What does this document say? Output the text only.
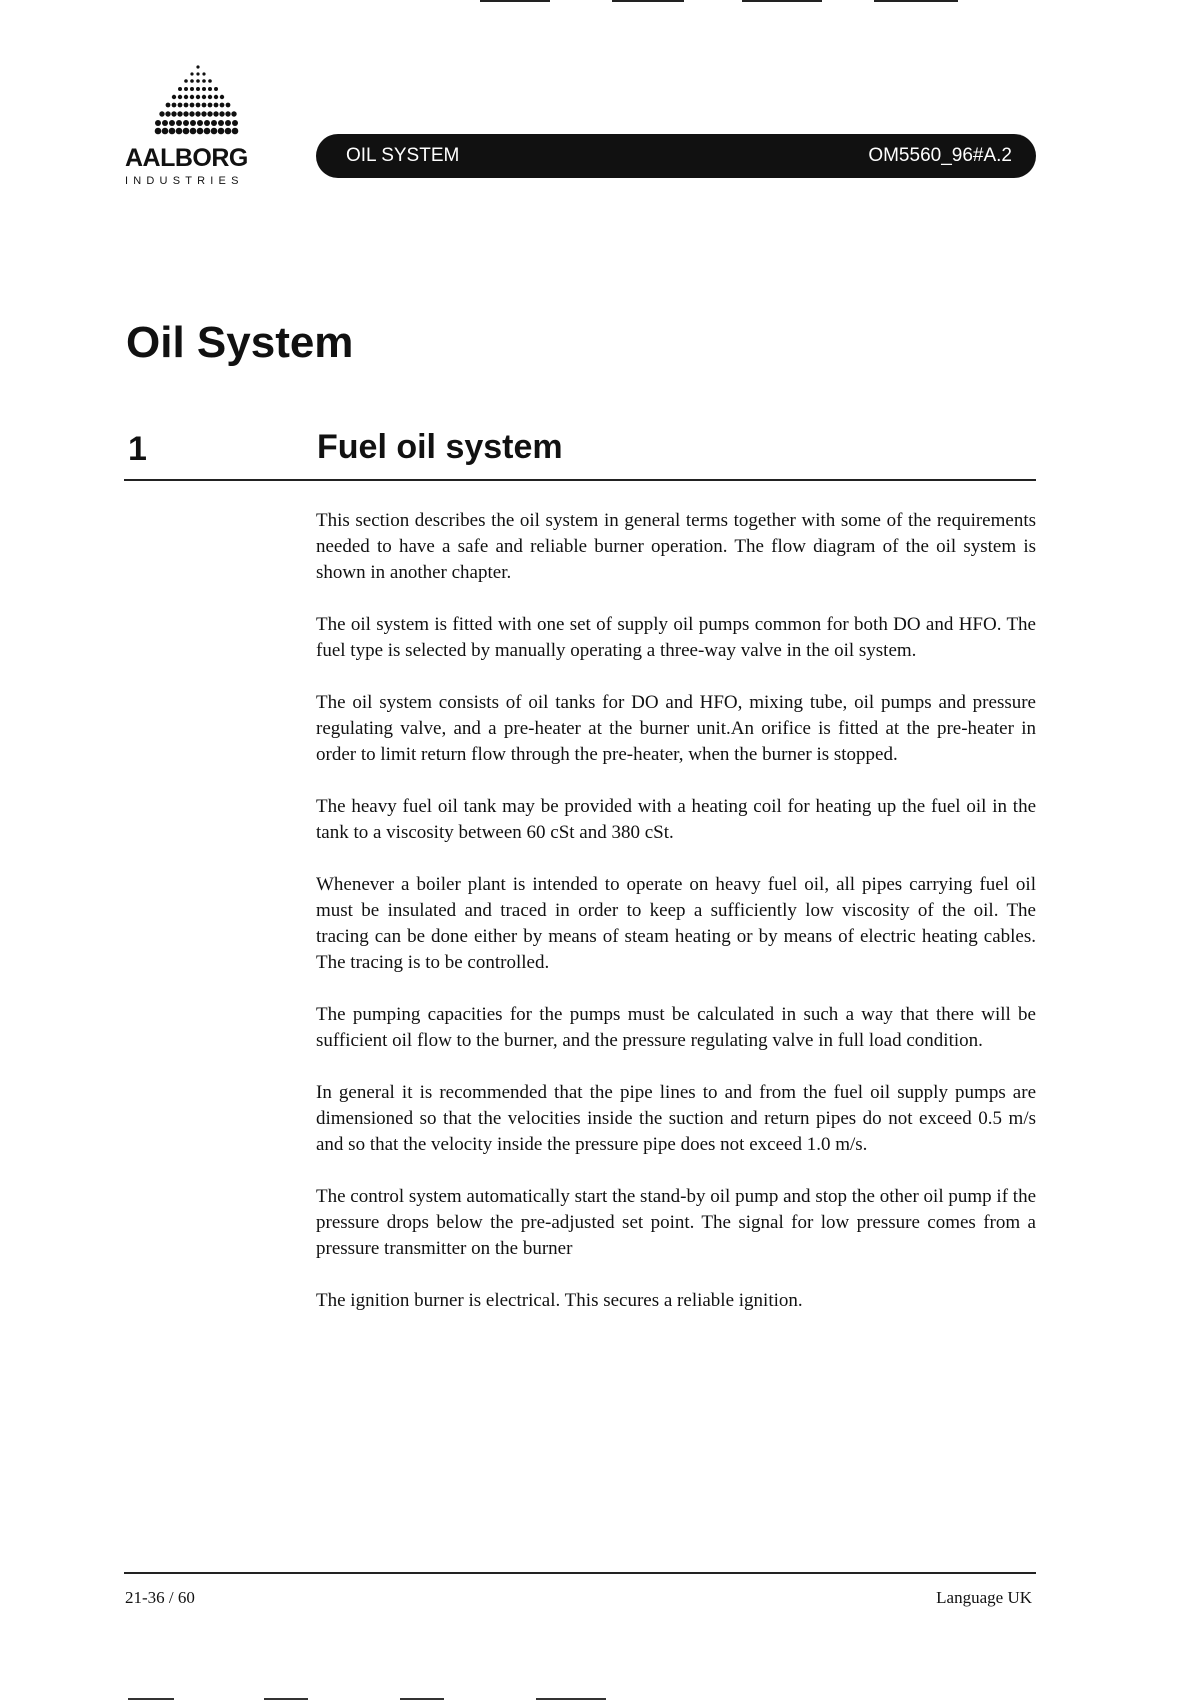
AALBORG
INDUSTRIES
OIL SYSTEM	OM5560_96#A.2
Oil System
1	Fuel oil system

This section describes the oil system in general terms together with some of the requirements needed to have a safe and reliable burner operation. The flow diagram of the oil system is shown in another chapter.

The oil system is fitted with one set of supply oil pumps common for both DO and HFO. The fuel type is selected by manually operating a three-way valve in the oil system.

The oil system consists of oil tanks for DO and HFO, mixing tube, oil pumps and pressure regulating valve, and a pre-heater at the burner unit.An orifice is fitted at the pre-heater in order to limit return flow through the pre-heater, when the burner is stopped.

The heavy fuel oil tank may be provided with a heating coil for heating up the fuel oil in the tank to a viscosity between 60 cSt and 380 cSt.

Whenever a boiler plant is intended to operate on heavy fuel oil, all pipes carrying fuel oil must be insulated and traced in order to keep a sufficiently low viscosity of the oil. The tracing can be done either by means of steam heating or by means of electric heating cables. The tracing is to be controlled.

The pumping capacities for the pumps must be calculated in such a way that there will be sufficient oil flow to the burner, and the pressure regulating valve in full load condition.

In general it is recommended that the pipe lines to and from the fuel oil supply pumps are dimensioned so that the velocities inside the suction and return pipes do not exceed 0.5 m/s and so that the velocity inside the pressure pipe does not exceed 1.0 m/s.

The control system automatically start the stand-by oil pump and stop the other oil pump if the pressure drops below the pre-adjusted set point. The signal for low pressure comes from a pressure transmitter on the burner

The ignition burner is electrical. This secures a reliable ignition.

21-36 / 60	Language UK
